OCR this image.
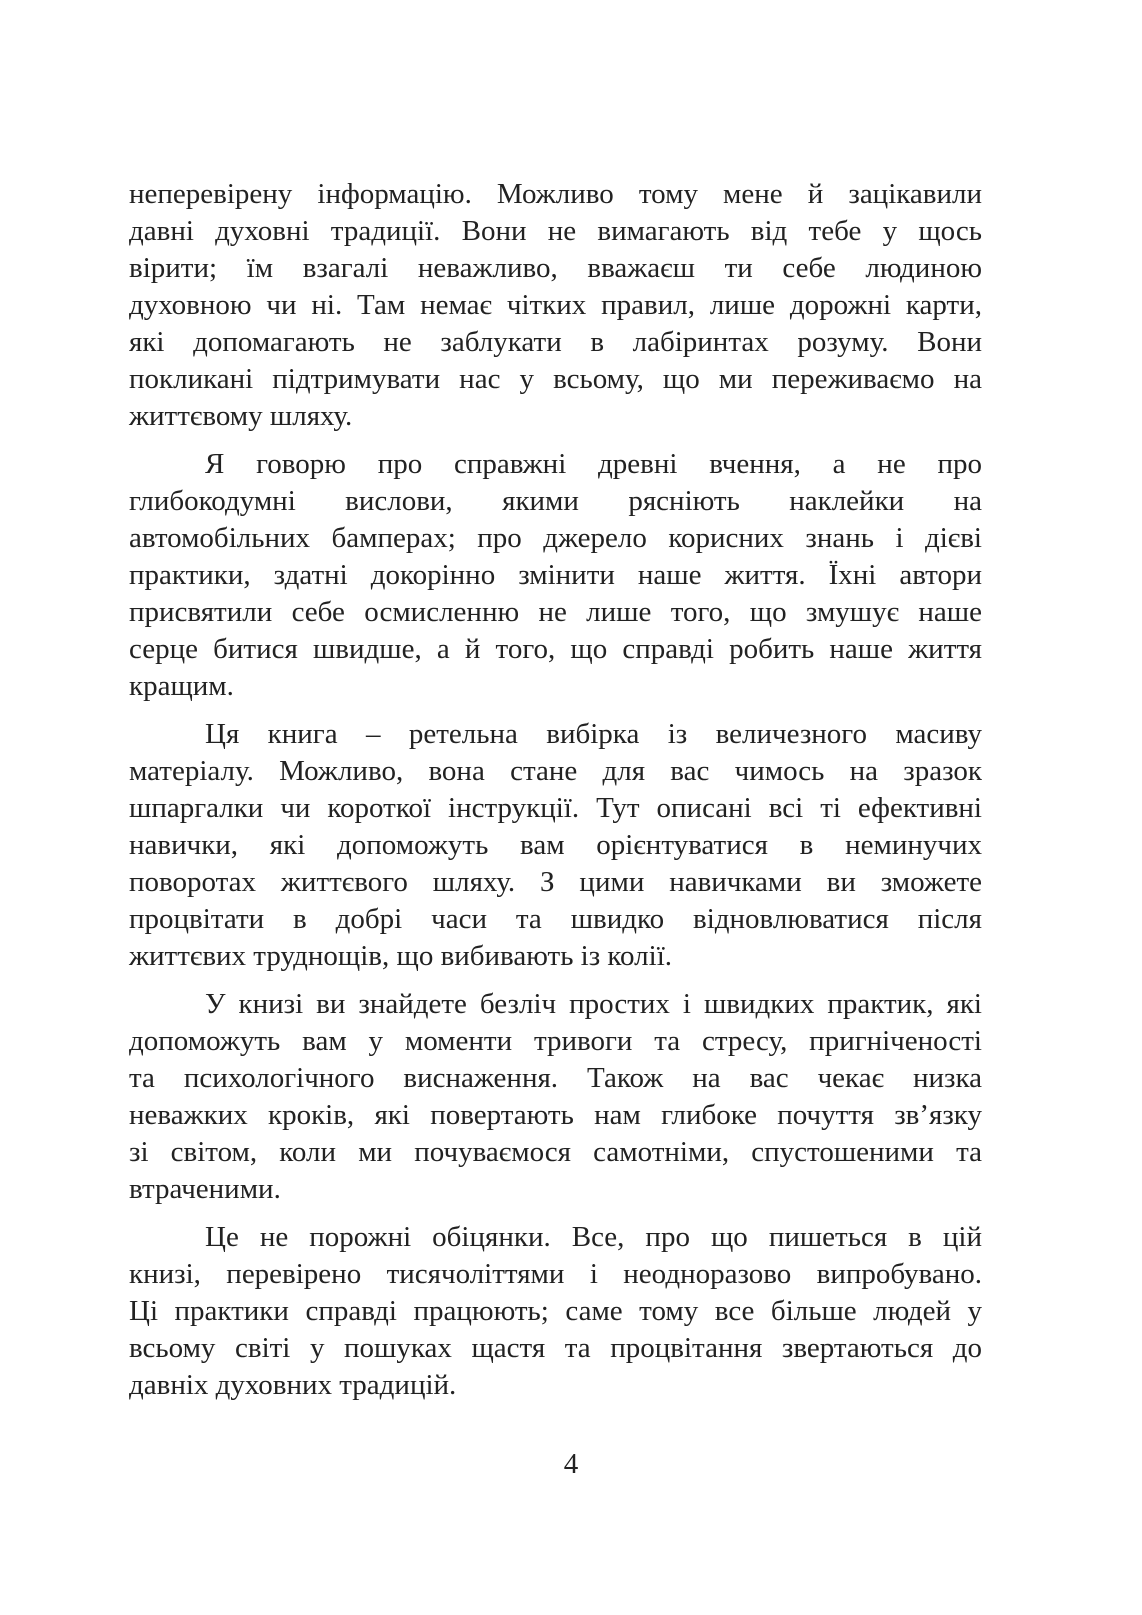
неперевірену інформацію. Можливо тому мене й зацікавили
давні духовні традиції. Вони не вимагають від тебе у щось
вірити; їм взагалі неважливо, вважаєш ти себе людиною
духовною чи ні. Там немає чітких правил, лише дорожні карти,
які допомагають не заблукати в лабіринтах розуму. Вони
покликані підтримувати нас у всьому, що ми переживаємо на
життєвому шляху.
Я говорю про справжні древні вчення, а не про
глибокодумні вислови, якими рясніють наклейки на
автомобільних бамперах; про джерело корисних знань і дієві
практики, здатні докорінно змінити наше життя. Їхні автори
присвятили себе осмисленню не лише того, що змушує наше
серце битися швидше, а й того, що справді робить наше життя
кращим.
Ця книга – ретельна вибірка із величезного масиву
матеріалу. Можливо, вона стане для вас чимось на зразок
шпаргалки чи короткої інструкції. Тут описані всі ті ефективні
навички, які допоможуть вам орієнтуватися в неминучих
поворотах життєвого шляху. З цими навичками ви зможете
процвітати в добрі часи та швидко відновлюватися після
життєвих труднощів, що вибивають із колії.
У книзі ви знайдете безліч простих і швидких практик, які
допоможуть вам у моменти тривоги та стресу, пригніченості
та психологічного виснаження. Також на вас чекає низка
неважких кроків, які повертають нам глибоке почуття зв’язку
зі світом, коли ми почуваємося самотніми, спустошеними та
втраченими.
Це не порожні обіцянки. Все, про що пишеться в цій
книзі, перевірено тисячоліттями і неодноразово випробувано.
Ці практики справді працюють; саме тому все більше людей у
всьому світі у пошуках щастя та процвітання звертаються до
давніх духовних традицій.
4
